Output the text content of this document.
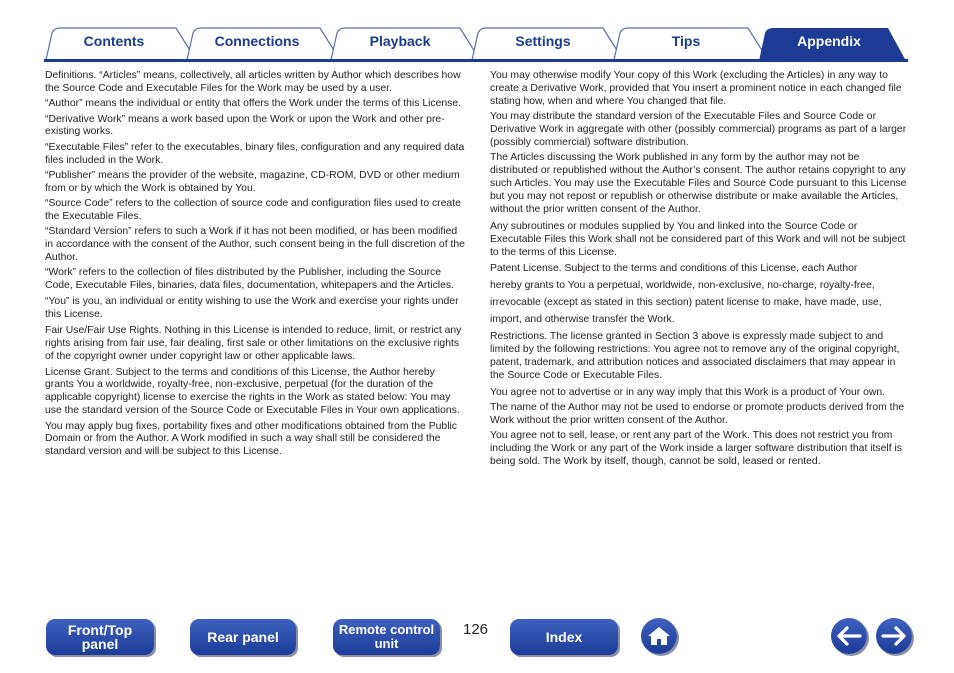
Contents	Connections	Playback	Settings	Tips	Appendix

Definitions. “Articles” means, collectively, all articles written by Author which describes how the Source Code and Executable Files for the Work may be used by a user.

“Author” means the individual or entity that offers the Work under the terms of this License.

“Derivative Work” means a work based upon the Work or upon the Work and other pre-existing works.

“Executable Files” refer to the executables, binary files, configuration and any required data files included in the Work.

“Publisher” means the provider of the website, magazine, CD-ROM, DVD or other medium from or by which the Work is obtained by You.

“Source Code” refers to the collection of source code and configuration files used to create the Executable Files.

“Standard Version” refers to such a Work if it has not been modified, or has been modified in accordance with the consent of the Author, such consent being in the full discretion of the Author.

“Work” refers to the collection of files distributed by the Publisher, including the Source Code, Executable Files, binaries, data files, documentation, whitepapers and the Articles.

“You” is you, an individual or entity wishing to use the Work and exercise your rights under this License.

Fair Use/Fair Use Rights. Nothing in this License is intended to reduce, limit, or restrict any rights arising from fair use, fair dealing, first sale or other limitations on the exclusive rights of the copyright owner under copyright law or other applicable laws.

License Grant. Subject to the terms and conditions of this License, the Author hereby grants You a worldwide, royalty-free, non-exclusive, perpetual (for the duration of the applicable copyright) license to exercise the rights in the Work as stated below: You may use the standard version of the Source Code or Executable Files in Your own applications.

You may apply bug fixes, portability fixes and other modifications obtained from the Public Domain or from the Author. A Work modified in such a way shall still be considered the standard version and will be subject to this License.

You may otherwise modify Your copy of this Work (excluding the Articles) in any way to create a Derivative Work, provided that You insert a prominent notice in each changed file stating how, when and where You changed that file.

You may distribute the standard version of the Executable Files and Source Code or Derivative Work in aggregate with other (possibly commercial) programs as part of a larger (possibly commercial) software distribution.

The Articles discussing the Work published in any form by the author may not be distributed or republished without the Author’s consent. The author retains copyright to any such Articles. You may use the Executable Files and Source Code pursuant to this License but you may not repost or republish or otherwise distribute or make available the Articles, without the prior written consent of the Author.

Any subroutines or modules supplied by You and linked into the Source Code or Executable Files this Work shall not be considered part of this Work and will not be subject to the terms of this License.

Patent License. Subject to the terms and conditions of this License, each Author

hereby grants to You a perpetual, worldwide, non-exclusive, no-charge, royalty-free,

irrevocable (except as stated in this section) patent license to make, have made, use,

import, and otherwise transfer the Work.

Restrictions. The license granted in Section 3 above is expressly made subject to and limited by the following restrictions: You agree not to remove any of the original copyright, patent, trademark, and attribution notices and associated disclaimers that may appear in the Source Code or Executable Files.

You agree not to advertise or in any way imply that this Work is a product of Your own.

The name of the Author may not be used to endorse or promote products derived from the Work without the prior written consent of the Author.

You agree not to sell, lease, or rent any part of the Work. This does not restrict you from including the Work or any part of the Work inside a larger software distribution that itself is being sold. The Work by itself, though, cannot be sold, leased or rented.

Front/Top
panel	Rear panel	Remote control
unit
126	Index
